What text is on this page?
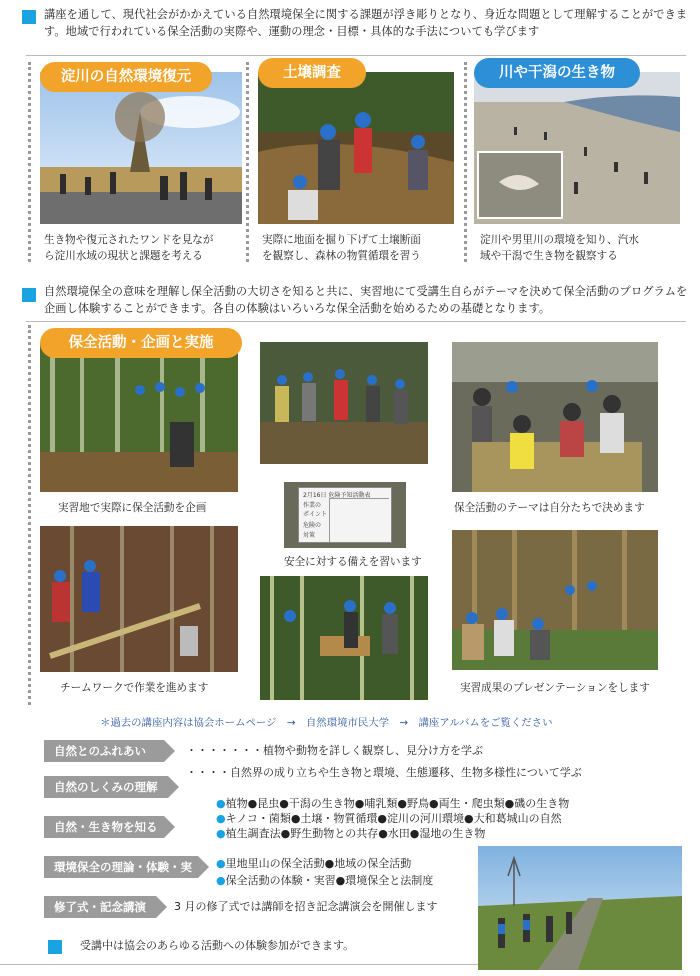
講座を通して、現代社会がかかえている自然環境保全に関する課題が浮き彫りとなり、身近な問題として理解することができます。地域で行われている保全活動の実際や、運動の理念・目標・具体的な手法についても学びます
淀川の自然環境復元
生き物や復元されたワンドを見なが
ら淀川水域の現状と課題を考える
土壌調査
実際に地面を掘り下げて土壌断面
を観察し、森林の物質循環を習う
川や干潟の生き物
淀川や男里川の環境を知り、汽水
域や干潟で生き物を観察する
自然環境保全の意味を理解し保全活動の大切さを知ると共に、実習地にて受講生自らがテーマを決めて保全活動のプログラムを企画し体験することができます。各自の体験はいろいろな保全活動を始めるための基礎となります。
保全活動・企画と実施
実習地で実際に保全活動を企画
2月16日 危険予知活動表
作業の
ポイント
危険の
対策
安全に対する備えを習います
保全活動のテーマは自分たちで決めます
チームワークで作業を進めます	実習成果のプレゼンテーションをします
＊過去の講座内容は協会ホームページ　→　自然環境市民大学　→　講座アルバムをご覧ください
自然とのふれあい	・・・・・・・植物や動物を詳しく観察し、見分け方を学ぶ
自然のしくみの理解
・・・・自然界の成り立ちや生き物と環境、生態遷移、生物多様性について学ぶ
自然・生き物を知る
●植物●昆虫●干潟の生き物●哺乳類●野鳥●両生・爬虫類●磯の生き物
●キノコ・菌類●土壌・物質循環●淀川の河川環境●大和葛城山の自然
●植生調査法●野生動物との共存●水田●湿地の生き物
環境保全の理論・体験・実習
●里地里山の保全活動●地域の保全活動
●保全活動の体験・実習●環境保全と法制度
修了式・記念講演	3 月の修了式では講師を招き記念講演会を開催します
受講中は協会のあらゆる活動への体験参加ができます。
